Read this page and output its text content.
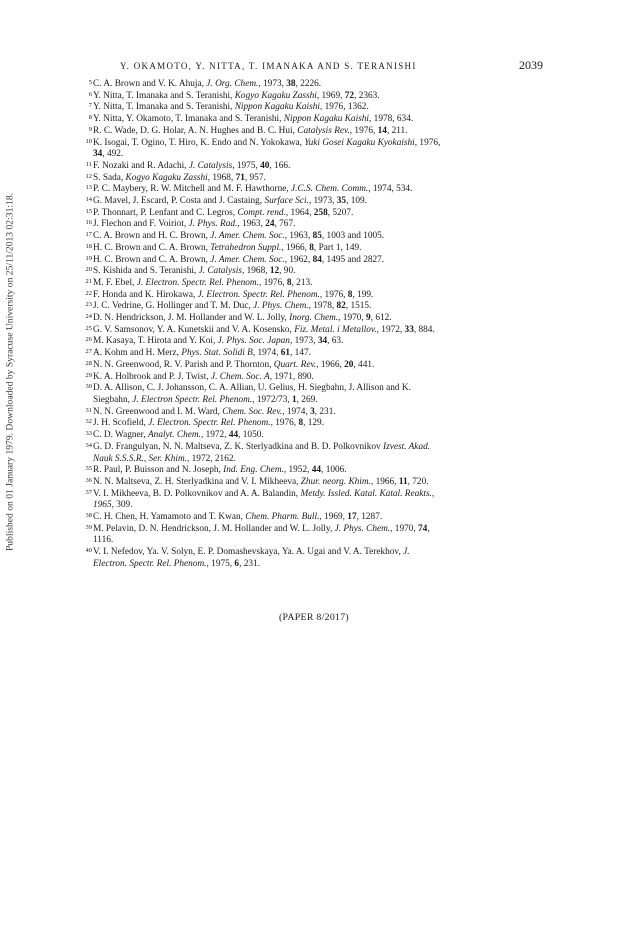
Published on 01 January 1979. Downloaded by Syracuse University on 25/11/2013 02:31:18.
Y. OKAMOTO, Y. NITTA, T. IMANAKA AND S. TERANISHI	2039
5 C. A. Brown and V. K. Ahuja, J. Org. Chem., 1973, 38, 2226.
6 Y. Nitta, T. Imanaka and S. Teranishi, Kogyo Kagaku Zasshi, 1969, 72, 2363.
7 Y. Nitta, T. Imanaka and S. Teranishi, Nippon Kagaku Kaishi, 1976, 1362.
8 Y. Nitta, Y. Okamoto, T. Imanaka and S. Teranishi, Nippon Kagaku Kaishi, 1978, 634.
9 R. C. Wade, D. G. Holar, A. N. Hughes and B. C. Hui, Catalysis Rev., 1976, 14, 211.
10 K. Isogai, T. Ogino, T. Hiro, K. Endo and N. Yokokawa, Yuki Gosei Kagaku Kyokaishi, 1976,
34, 492.
11 F. Nozaki and R. Adachi, J. Catalysis, 1975, 40, 166.
12 S. Sada, Kogyo Kagaku Zasshi, 1968, 71, 957.
13 P. C. Maybery, R. W. Mitchell and M. F. Hawthorne, J.C.S. Chem. Comm., 1974, 534.
14 G. Mavel, J. Escard, P. Costa and J. Castaing, Surface Sci., 1973, 35, 109.
15 P. Thonnart, P. Lenfant and C. Legros, Compt. rend., 1964, 258, 5207.
16 J. Flechon and F. Voiriot, J. Phys. Rad., 1963, 24, 767.
17 C. A. Brown and H. C. Brown, J. Amer. Chem. Soc., 1963, 85, 1003 and 1005.
18 H. C. Brown and C. A. Brown, Tetrahedron Suppl., 1966, 8, Part 1, 149.
19 H. C. Brown and C. A. Brown, J. Amer. Chem. Soc., 1962, 84, 1495 and 2827.
20 S. Kishida and S. Teranishi, J. Catalysis, 1968, 12, 90.
21 M. F. Ebel, J. Electron. Spectr. Rel. Phenom., 1976, 8, 213.
22 F. Honda and K. Hirokawa, J. Electron. Spectr. Rel. Phenom., 1976, 8, 199.
23 J. C. Vedrine, G. Hollinger and T. M. Duc, J. Phys. Chem., 1978, 82, 1515.
24 D. N. Hendrickson, J. M. Hollander and W. L. Jolly, Inorg. Chem., 1970, 9, 612.
25 G. V. Samsonov, Y. A. Kunetskii and V. A. Kosensko, Fiz. Metal. i Metallov., 1972, 33, 884.
26 M. Kasaya, T. Hirota and Y. Koi, J. Phys. Soc. Japan, 1973, 34, 63.
27 A. Kohm and H. Merz, Phys. Stat. Solidi B, 1974, 61, 147.
28 N. N. Greenwood, R. V. Parish and P. Thornton, Quart. Rev., 1966, 20, 441.
29 K. A. Holbrook and P. J. Twist, J. Chem. Soc. A, 1971, 890.
30 D. A. Allison, C. J. Johansson, C. A. Allian, U. Gelius, H. Siegbahn, J. Allison and K.
Siegbahn, J. Electron Spectr. Rel. Phenom., 1972/73, 1, 269.
31 N. N. Greenwood and I. M. Ward, Chem. Soc. Rev., 1974, 3, 231.
32 J. H. Scofield, J. Electron. Spectr. Rel. Phenom., 1976, 8, 129.
33 C. D. Wagner, Analyt. Chem., 1972, 44, 1050.
34 G. D. Frangulyan, N. N. Maltseva, Z. K. Sterlyadkina and B. D. Polkovnikov Izvest. Akad.
Nauk S.S.S.R., Ser. Khim., 1972, 2162.
35 R. Paul, P. Buisson and N. Joseph, Ind. Eng. Chem., 1952, 44, 1006.
36 N. N. Maltseva, Z. H. Sterlyadkina and V. I. Mikheeva, Zhur. neorg. Khim., 1966, 11, 720.
37 V. I. Mikheeva, B. D. Polkovnikov and A. A. Balandin, Metdy. Issled. Katal. Katal. Reakts.,
1965, 309.
38 C. H. Chen, H. Yamamoto and T. Kwan, Chem. Pharm. Bull., 1969, 17, 1287.
39 M. Pelavin, D. N. Hendrickson, J. M. Hollander and W. L. Jolly, J. Phys. Chem., 1970, 74,
1116.
40 V. I. Nefedov, Ya. V. Solyn, E. P. Domashevskaya, Ya. A. Ugai and V. A. Terekhov, J.
Electron. Spectr. Rel. Phenom., 1975, 6, 231.
(PAPER 8/2017)
